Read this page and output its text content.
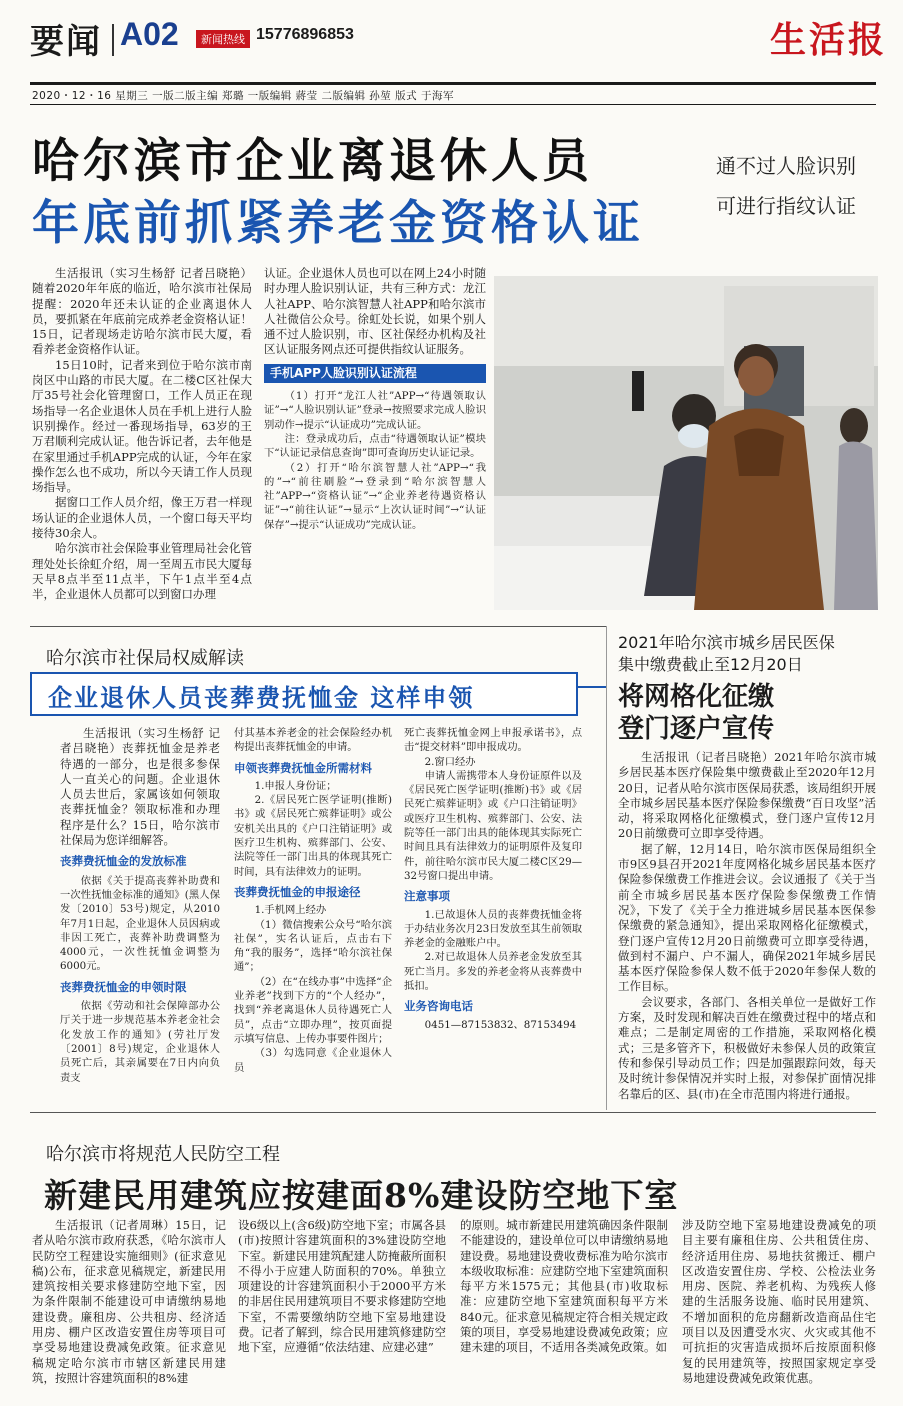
要闻 A02	新闻热线 15776896853	生活报
2020・12・16 星期三 一版二版主编 郑璐 一版编辑 蔣莹 二版编辑 孙堃 版式 于海军
哈尔滨市企业离退休人员
年底前抓紧养老金资格认证
通不过人脸识别
可进行指纹认证

生活报讯（实习生杨舒 记者吕晓艳）随着2020年年底的临近，哈尔滨市社保局提醒：2020年还未认证的企业离退休人员，要抓紧在年底前完成养老金资格认证！15日，记者现场走访哈尔滨市民大厦，看看养老金资格作认证。

15日10时，记者来到位于哈尔滨市南岗区中山路的市民大厦。在二楼C区社保大厅35号社会化管理窗口，工作人员正在现场指导一名企业退休人员在手机上进行人脸识别操作。经过一番现场指导，63岁的王万君顺利完成认证。他告诉记者，去年他是在家里通过手机APP完成的认证，今年在家操作怎么也不成功，所以今天请工作人员现场指导。

据窗口工作人员介绍，像王万君一样现场认证的企业退休人员，一个窗口每天平均接待30余人。

哈尔滨市社会保险事业管理局社会化管理处处长徐虹介绍，周一至周五市民大厦每天早8点半至11点半，下午1点半至4点半，企业退休人员都可以到窗口办理

认证。企业退休人员也可以在网上24小时随时办理人脸识别认证，共有三种方式：龙江人社APP、哈尔滨智慧人社APP和哈尔滨市人社微信公众号。徐虹处长说，如果个别人通不过人脸识别，市、区社保经办机构及社区认证服务网点还可提供指纹认证服务。

手机APP人脸识别认证流程

（1）打开“龙江人社”APP→“待遇领取认证”→“人脸识别认证”登录→按照要求完成人脸识别动作→提示“认证成功”完成认证。

注：登录成功后，点击“待遇领取认证”模块下“认证记录信息查询”即可查询历史认证记录。

（2）打开“哈尔滨智慧人社”APP→“我的”→“前往刷脸”→登录到“哈尔滨智慧人社”APP→“资格认证”→“企业养老待遇资格认证”→“前往认证”→显示“上次认证时间”→“认证保存”→提示“认证成功”完成认证。

哈尔滨市社保局权威解读
企业退休人员丧葬费抚恤金 这样申领

生活报讯（实习生杨舒 记者吕晓艳）丧葬抚恤金是养老待遇的一部分，也是很多参保人一直关心的问题。企业退休人员去世后，家属该如何领取丧葬抚恤金？领取标准和办理程序是什么？15日，哈尔滨市社保局为您详细解答。

丧葬费抚恤金的发放标准

依据《关于提高丧葬补助费和一次性抚恤金标准的通知》(黑人保发〔2010〕53号)规定，从2010年7月1日起，企业退休人员因病或非因工死亡，丧葬补助费调整为4000元，一次性抚恤金调整为6000元。

丧葬费抚恤金的申领时限

依据《劳动和社会保障部办公厅关于进一步规范基本养老金社会化发放工作的通知》(劳社厅发〔2001〕8号)规定，企业退休人员死亡后，其亲属要在7日内向负责支

付其基本养老金的社会保险经办机构提出丧葬抚恤金的申请。

申领丧葬费抚恤金所需材料

1.申报人身份证；

2.《居民死亡医学证明(推断)书》或《居民死亡殡葬证明》或公安机关出具的《户口注销证明》或医疗卫生机构、殡葬部门、公安、法院等任一部门出具的体现其死亡时间，具有法律效力的证明。

丧葬费抚恤金的申报途径

1.手机网上经办

（1）微信搜索公众号“哈尔滨社保”，实名认证后，点击右下角“我的服务”，选择“哈尔滨社保通”；

（2）在“在线办事”中选择“企业养老”找到下方的“个人经办”，找到“养老离退休人员待遇死亡人员”，点击“立即办理”，按页面提示填写信息、上传办事要件图片；

（3）勾选同意《企业退休人员

死亡丧葬抚恤金网上申报承诺书》，点击“提交材料”即申报成功。

2.窗口经办

申请人需携带本人身份证原件以及《居民死亡医学证明(推断)书》或《居民死亡殡葬证明》或《户口注销证明》或医疗卫生机构、殡葬部门、公安、法院等任一部门出具的能体现其实际死亡时间且具有法律效力的证明原件及复印件，前往哈尔滨市民大厦二楼C区29—32号窗口提出申请。

注意事项

1.已故退休人员的丧葬费抚恤金将于办结业务次月23日发放至其生前领取养老金的金融账户中。

2.对已故退休人员养老金发放至其死亡当月。多发的养老金将从丧葬费中抵扣。

业务咨询电话

0451—87153832、87153494

2021年哈尔滨市城乡居民医保
集中缴费截止至12月20日
将网格化征缴
登门逐户宣传

生活报讯（记者吕晓艳）2021年哈尔滨市城乡居民基本医疗保险集中缴费截止至2020年12月20日，记者从哈尔滨市医保局获悉，该局组织开展全市城乡居民基本医疗保险参保缴费“百日攻坚”活动，将采取网格化征缴模式，登门逐户宣传12月20日前缴费可立即享受待遇。

据了解，12月14日，哈尔滨市医保局组织全市9区9县召开2021年度网格化城乡居民基本医疗保险参保缴费工作推进会议。会议通报了《关于当前全市城乡居民基本医疗保险参保缴费工作情况》，下发了《关于全力推进城乡居民基本医保参保缴费的紧急通知》，提出采取网格化征缴模式，登门逐户宣传12月20日前缴费可立即享受待遇，做到村不漏户、户不漏人，确保2021年城乡居民基本医疗保险参保人数不低于2020年参保人数的工作目标。

会议要求，各部门、各相关单位一是做好工作方案，及时发现和解决百姓在缴费过程中的堵点和难点；二是制定周密的工作措施，采取网格化模式；三是多管齐下，积极做好未参保人员的政策宣传和参保引导动员工作；四是加强跟踪问效，每天及时统计参保情况并实时上报，对参保扩面情况排名靠后的区、县(市)在全市范围内将进行通报。

哈尔滨市将规范人民防空工程
新建民用建筑应按建面8%建设防空地下室

生活报讯（记者周琳）15日，记者从哈尔滨市政府获悉，《哈尔滨市人民防空工程建设实施细则》(征求意见稿)公布，征求意见稿规定，新建民用建筑按相关要求修建防空地下室，因为条件限制不能建设可申请缴纳易地建设费。廉租房、公共租房、经济适用房、棚户区改造安置住房等项目可享受易地建设费减免政策。征求意见稿规定哈尔滨市市辖区新建民用建筑，按照计容建筑面积的8%建

设6级以上(含6级)防空地下室；市属各县(市)按照计容建筑面积的3%建设防空地下室。新建民用建筑配建人防掩蔽所面积不得小于应建人防面积的70%。单独立项建设的计容建筑面积小于2000平方米的非居住民用建筑项目不要求修建防空地下室，不需要缴纳防空地下室易地建设费。记者了解到，综合民用建筑修建防空地下室，应遵循“依法结建、应建必建”

的原则。城市新建民用建筑确因条件限制不能建设的，建设单位可以申请缴纳易地建设费。易地建设费收费标准为哈尔滨市本级收取标准：应建防空地下室建筑面积每平方米1575元；其他县(市)收取标准：应建防空地下室建筑面积每平方米840元。征求意见稿规定符合相关规定政策的项目，享受易地建设费减免政策；应建未建的项目，不适用各类减免政策。如

涉及防空地下室易地建设费减免的项目主要有廉租住房、公共租赁住房、经济适用住房、易地扶贫搬迁、棚户区改造安置住房、学校、公检法业务用房、医院、养老机构、为残疾人修建的生活服务设施、临时民用建筑、不增加面积的危房翻新改造商品住宅项目以及因遭受水灾、火灾或其他不可抗拒的灾害造成损坏后按原面积修复的民用建筑等，按照国家规定享受易地建设费减免政策优惠。
